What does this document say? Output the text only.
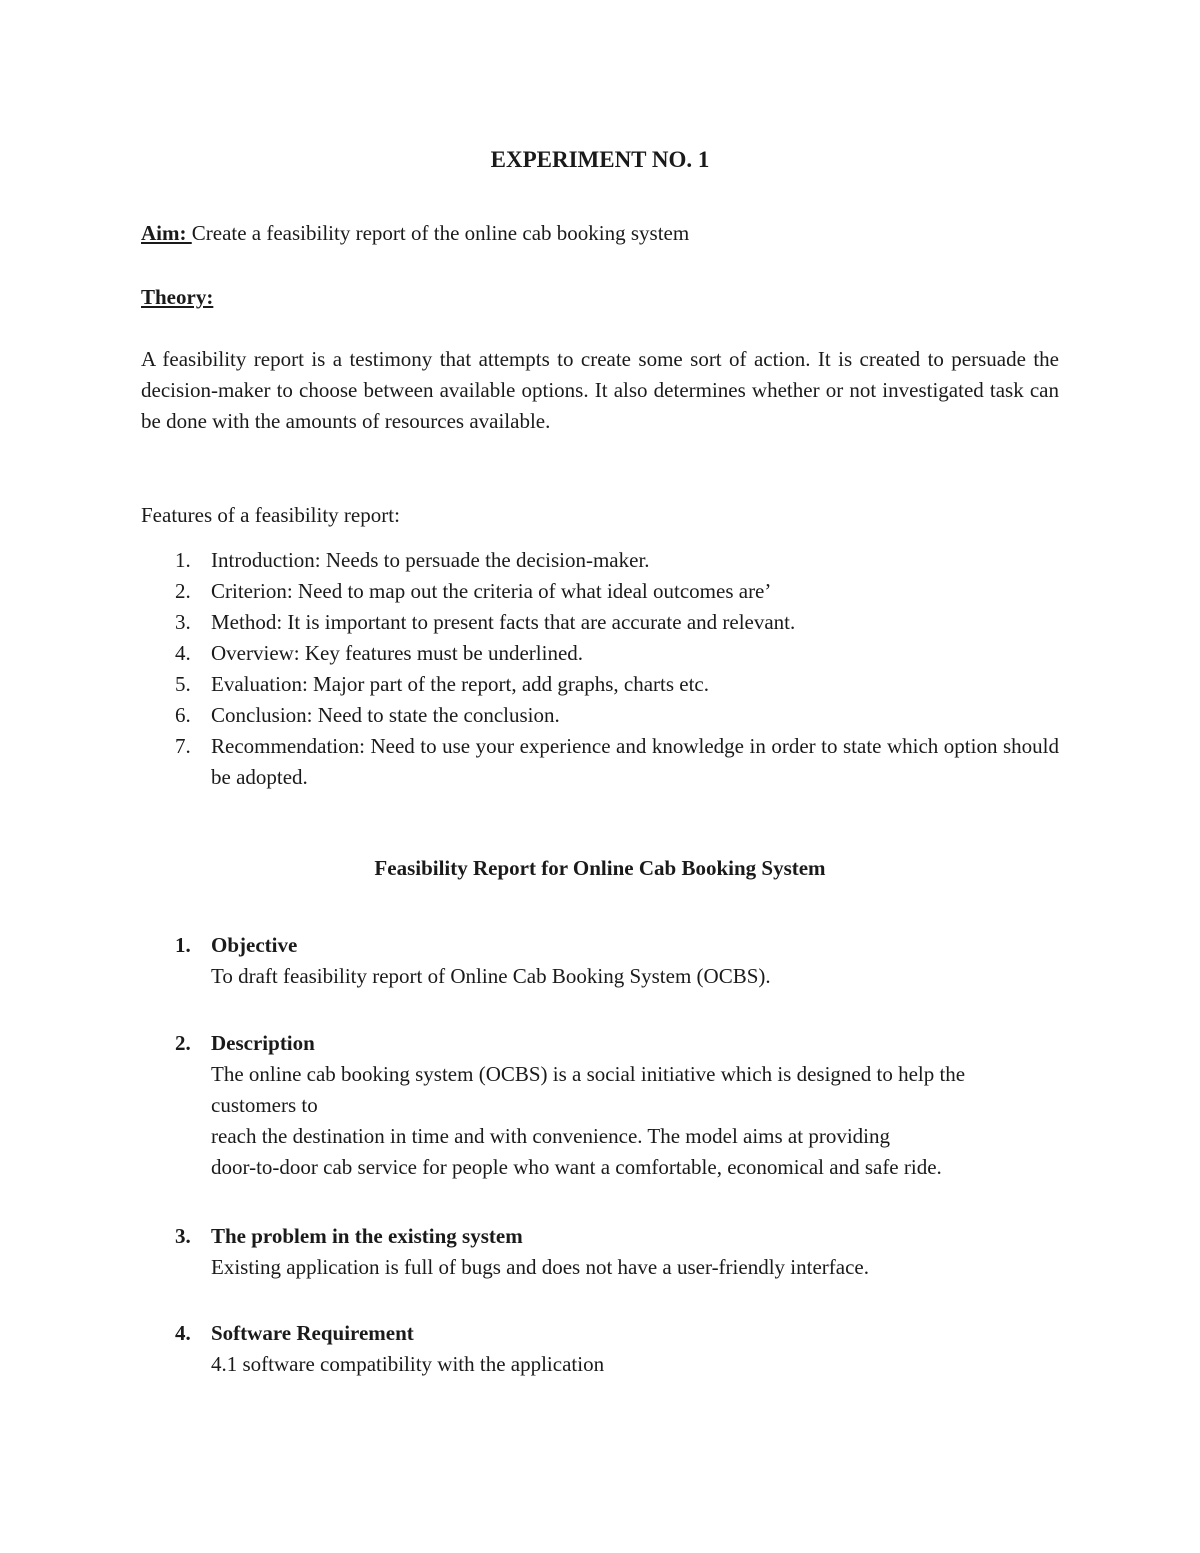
EXPERIMENT NO. 1
Aim: Create a feasibility report of the online cab booking system
Theory:
A feasibility report is a testimony that attempts to create some sort of action. It is created to persuade the decision-maker to choose between available options. It also determines whether or not investigated task can be done with the amounts of resources available.
Features of a feasibility report:
1. Introduction: Needs to persuade the decision-maker.
2. Criterion: Need to map out the criteria of what ideal outcomes are’
3. Method: It is important to present facts that are accurate and relevant.
4. Overview: Key features must be underlined.
5. Evaluation: Major part of the report, add graphs, charts etc.
6. Conclusion: Need to state the conclusion.
7. Recommendation: Need to use your experience and knowledge in order to state which option should be adopted.
Feasibility Report for Online Cab Booking System
1. Objective
To draft feasibility report of Online Cab Booking System (OCBS).
2. Description
The online cab booking system (OCBS) is a social initiative which is designed to help the
customers to
reach the destination in time and with convenience. The model aims at providing
door-to-door cab service for people who want a comfortable, economical and safe ride.
3. The problem in the existing system
Existing application is full of bugs and does not have a user-friendly interface.
4. Software Requirement
4.1 software compatibility with the application
